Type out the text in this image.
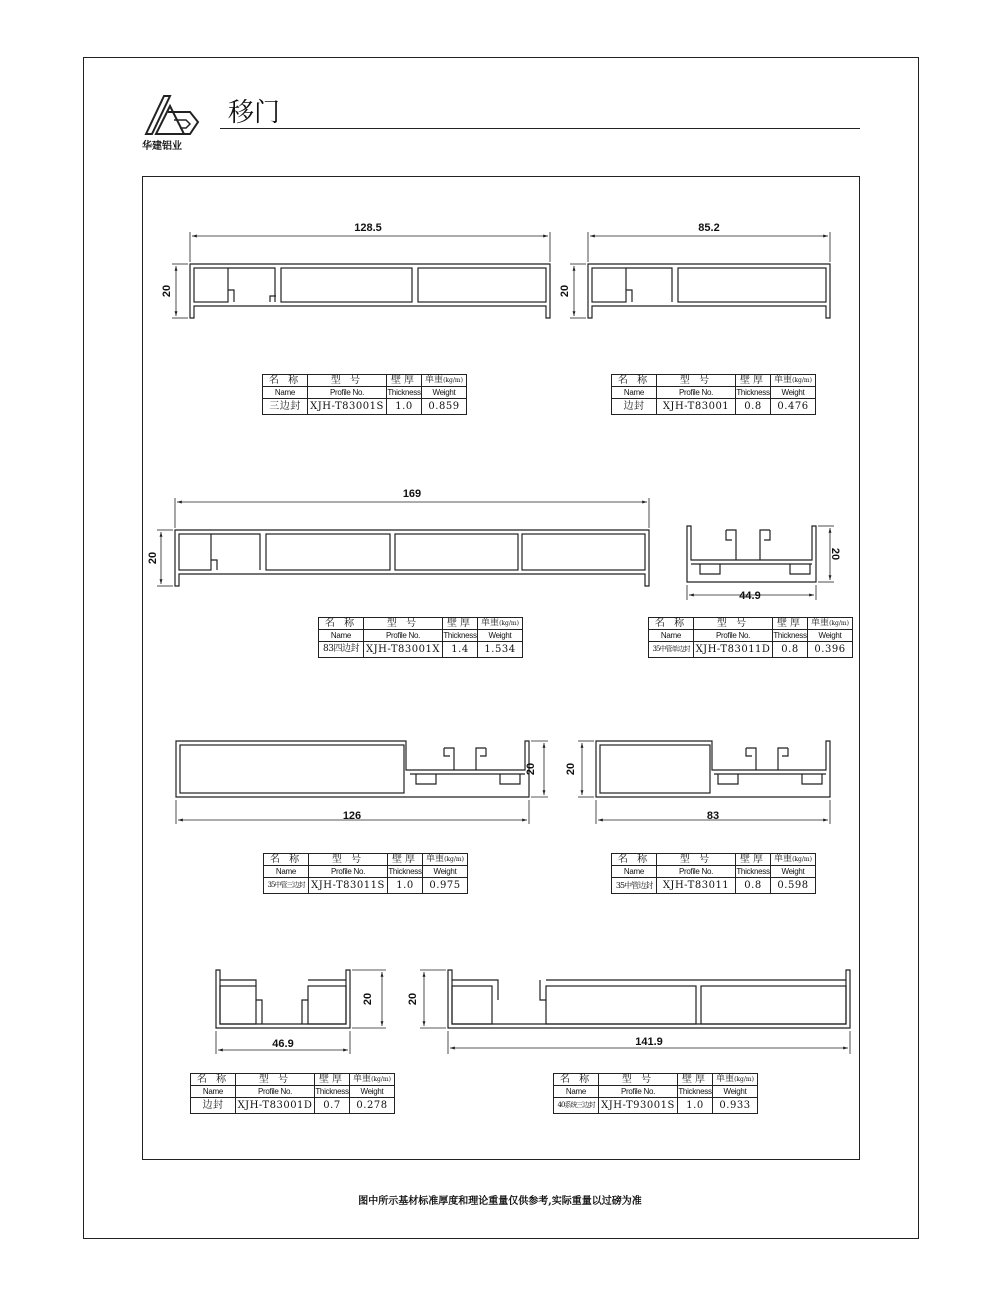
华建铝业
移门
128.5
20
85.2
20
169
20
44.9
20
126
20
83
20
46.9
20
141.9
20
名 称	型 号	壁厚	单重(kg/m)
Name	Profile No.	Thickness	Weight
三边封	XJH-T83001S	1.0	0.859
名 称	型 号	壁厚	单重(kg/m)
Name	Profile No.	Thickness	Weight
边封	XJH-T83001	0.8	0.476
名 称	型 号	壁厚	单重(kg/m)
Name	Profile No.	Thickness	Weight
83四边封	XJH-T83001X	1.4	1.534
名 称	型 号	壁厚	单重(kg/m)
Name	Profile No.	Thickness	Weight
35中管单边封	XJH-T83011D	0.8	0.396
名 称	型 号	壁厚	单重(kg/m)
Name	Profile No.	Thickness	Weight
35中管三边封	XJH-T83011S	1.0	0.975
名 称	型 号	壁厚	单重(kg/m)
Name	Profile No.	Thickness	Weight
35中管边封	XJH-T83011	0.8	0.598
名 称	型 号	壁厚	单重(kg/m)
Name	Profile No.	Thickness	Weight
边封	XJH-T83001D	0.7	0.278
名 称	型 号	壁厚	单重(kg/m)
Name	Profile No.	Thickness	Weight
40系统三边封	XJH-T93001S	1.0	0.933
图中所示基材标准厚度和理论重量仅供参考,实际重量以过磅为准
